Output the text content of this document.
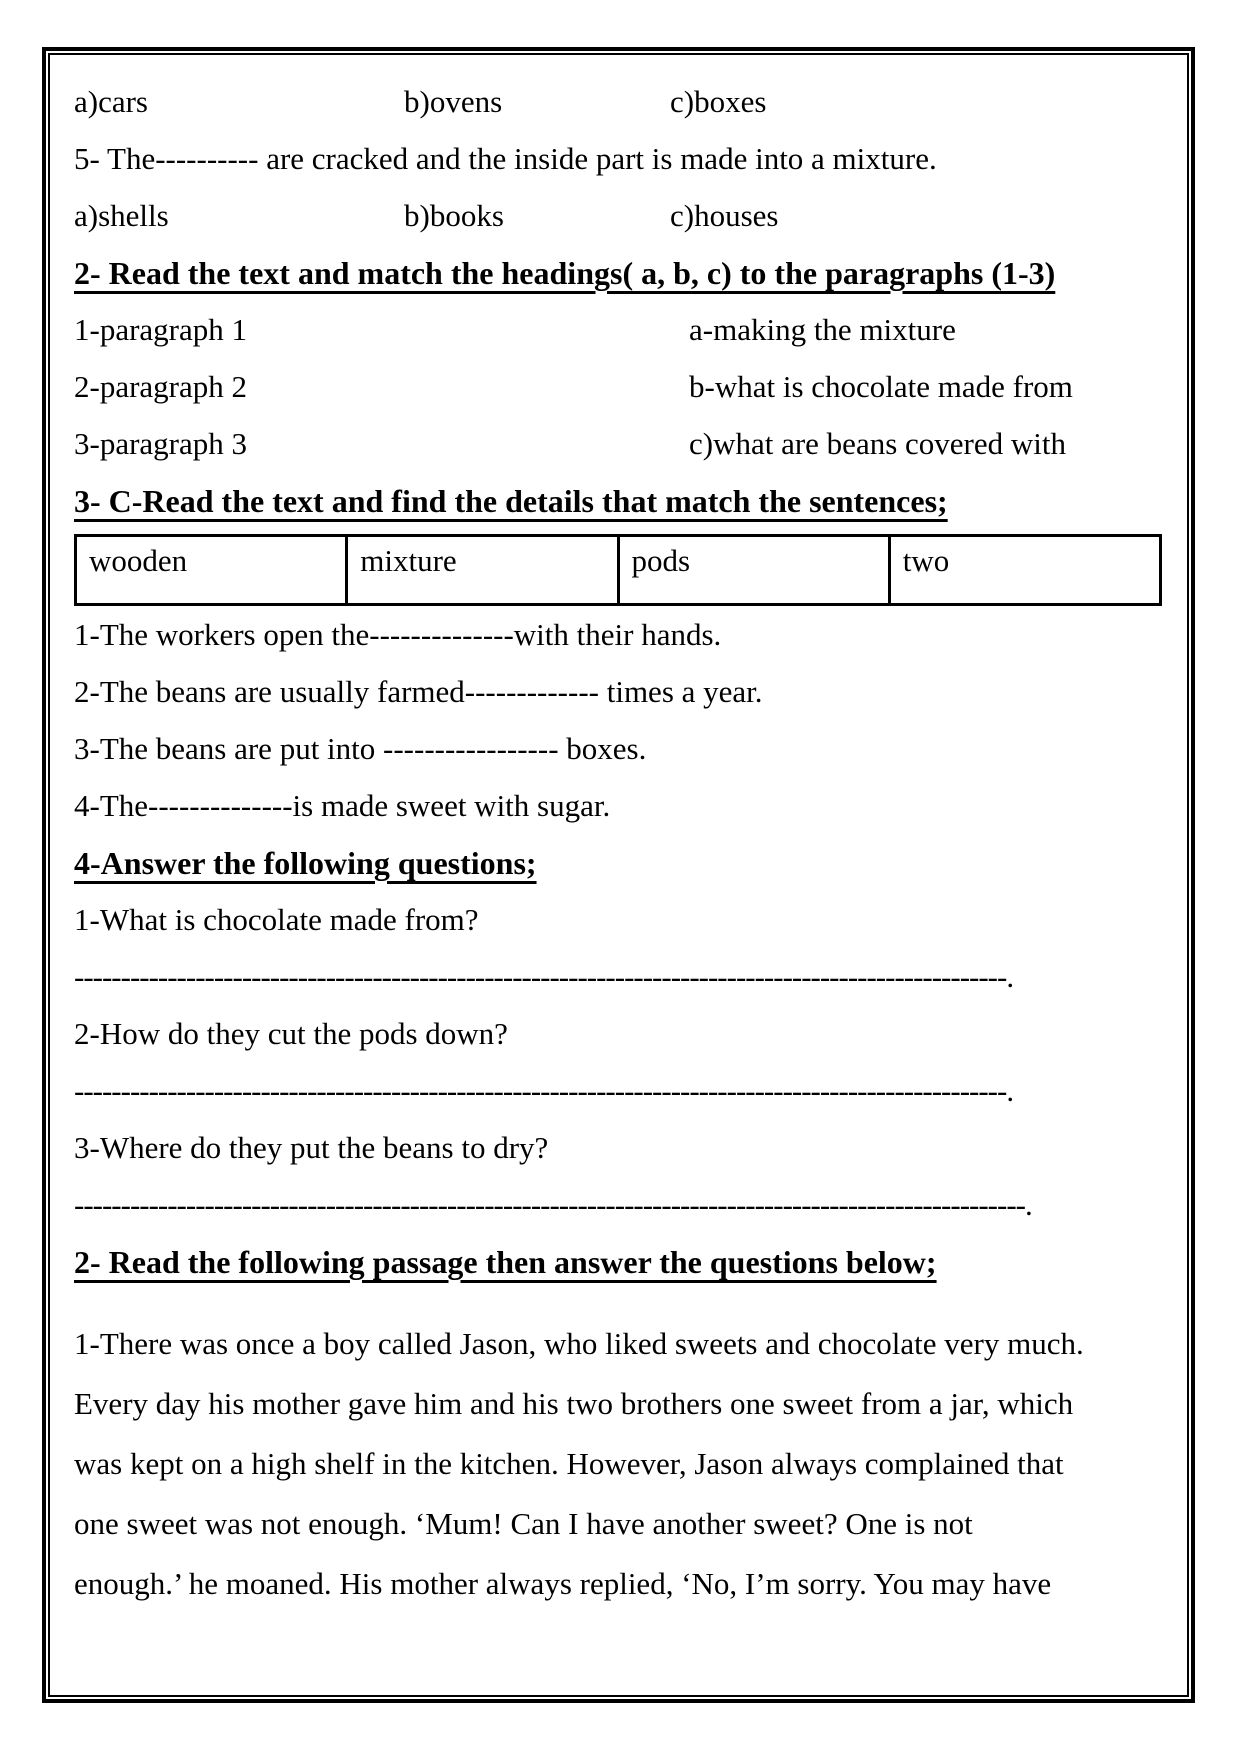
a)cars	b)ovens	c)boxes
5- The---------- are cracked and the inside part is made into a mixture.
a)shells	b)books	c)houses
2- Read the text and match the headings( a, b, c) to the paragraphs (1-3)
1-paragraph 1	a-making the mixture
2-paragraph 2	b-what is chocolate made from
3-paragraph 3	c)what are beans covered with
3- C-Read the text and find the details that match the sentences;
wooden	mixture	pods	two
1-The workers open the--------------with their hands.
2-The beans are usually farmed------------- times a year.
3-The beans are put into ----------------- boxes.
4-The--------------is made sweet with sugar.
4-Answer the following questions;
1-What is chocolate made from?
----------------------------------------------------------------------------------------------------.
2-How do they cut the pods down?
----------------------------------------------------------------------------------------------------.
3-Where do they put the beans to dry?
------------------------------------------------------------------------------------------------------.
2- Read the following passage then answer the questions below;
1-There was once a boy called Jason, who liked sweets and chocolate very much.
Every day his mother gave him and his two brothers one sweet from a jar, which
was kept on a high shelf in the kitchen. However, Jason always complained that
one sweet was not enough. ‘Mum! Can I have another sweet? One is not
enough.’ he moaned. His mother always replied, ‘No, I’m sorry. You may have
